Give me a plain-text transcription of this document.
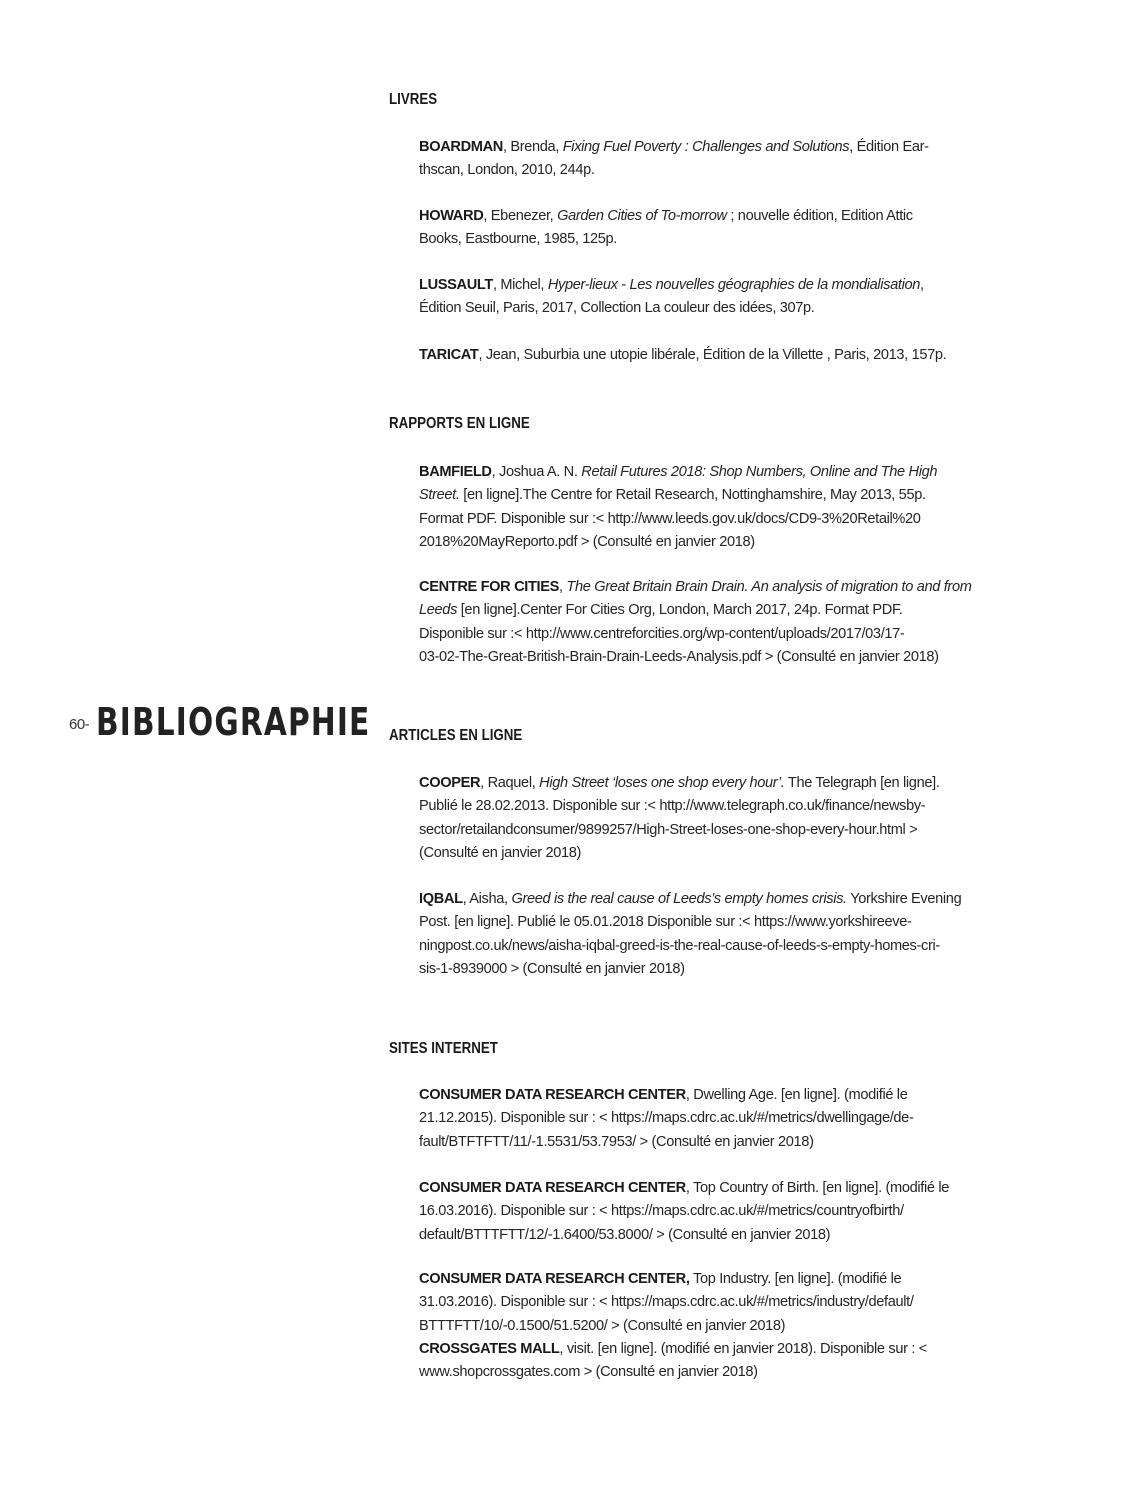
60- BIBLIOGRAPHIE
LIVRES
BOARDMAN, Brenda, Fixing Fuel Poverty : Challenges and Solutions, Édition Ear-
thscan, London, 2010, 244p.
HOWARD, Ebenezer, Garden Cities of To-morrow ; nouvelle édition, Edition Attic
Books, Eastbourne, 1985, 125p.
LUSSAULT, Michel, Hyper-lieux - Les nouvelles géographies de la mondialisation,
Édition Seuil, Paris, 2017, Collection La couleur des idées, 307p.
TARICAT, Jean, Suburbia une utopie libérale, Édition de la Villette , Paris, 2013, 157p.
RAPPORTS EN LIGNE
BAMFIELD, Joshua A. N. Retail Futures 2018: Shop Numbers, Online and The High
Street. [en ligne].The Centre for Retail Research, Nottinghamshire, May 2013, 55p.
Format PDF. Disponible sur :< http://www.leeds.gov.uk/docs/CD9-3%20Retail%20
2018%20MayReporto.pdf > (Consulté en janvier 2018)
CENTRE FOR CITIES, The Great Britain Brain Drain. An analysis of migration to and from
Leeds [en ligne].Center For Cities Org, London, March 2017, 24p. Format PDF.
Disponible sur :< http://www.centreforcities.org/wp-content/uploads/2017/03/17-
03-02-The-Great-British-Brain-Drain-Leeds-Analysis.pdf > (Consulté en janvier 2018)
ARTICLES EN LIGNE
COOPER, Raquel, High Street ‘loses one shop every hour’. The Telegraph [en ligne].
Publié le 28.02.2013. Disponible sur :< http://www.telegraph.co.uk/finance/newsby-
sector/retailandconsumer/9899257/High-Street-loses-one-shop-every-hour.html >
(Consulté en janvier 2018)
IQBAL, Aisha, Greed is the real cause of Leeds’s empty homes crisis. Yorkshire Evening
Post. [en ligne]. Publié le 05.01.2018 Disponible sur :< https://www.yorkshireeve-
ningpost.co.uk/news/aisha-iqbal-greed-is-the-real-cause-of-leeds-s-empty-homes-cri-
sis-1-8939000 > (Consulté en janvier 2018)
SITES INTERNET
CONSUMER DATA RESEARCH CENTER, Dwelling Age. [en ligne]. (modifié le
21.12.2015). Disponible sur : < https://maps.cdrc.ac.uk/#/metrics/dwellingage/de-
fault/BTFTFTT/11/-1.5531/53.7953/ > (Consulté en janvier 2018)
CONSUMER DATA RESEARCH CENTER, Top Country of Birth. [en ligne]. (modifié le
16.03.2016). Disponible sur : < https://maps.cdrc.ac.uk/#/metrics/countryofbirth/
default/BTTTFTT/12/-1.6400/53.8000/ > (Consulté en janvier 2018)
CONSUMER DATA RESEARCH CENTER, Top Industry. [en ligne]. (modifié le
31.03.2016). Disponible sur : < https://maps.cdrc.ac.uk/#/metrics/industry/default/
BTTTFTT/10/-0.1500/51.5200/ > (Consulté en janvier 2018)
CROSSGATES MALL, visit. [en ligne]. (modifié en janvier 2018). Disponible sur : <
www.shopcrossgates.com > (Consulté en janvier 2018)
